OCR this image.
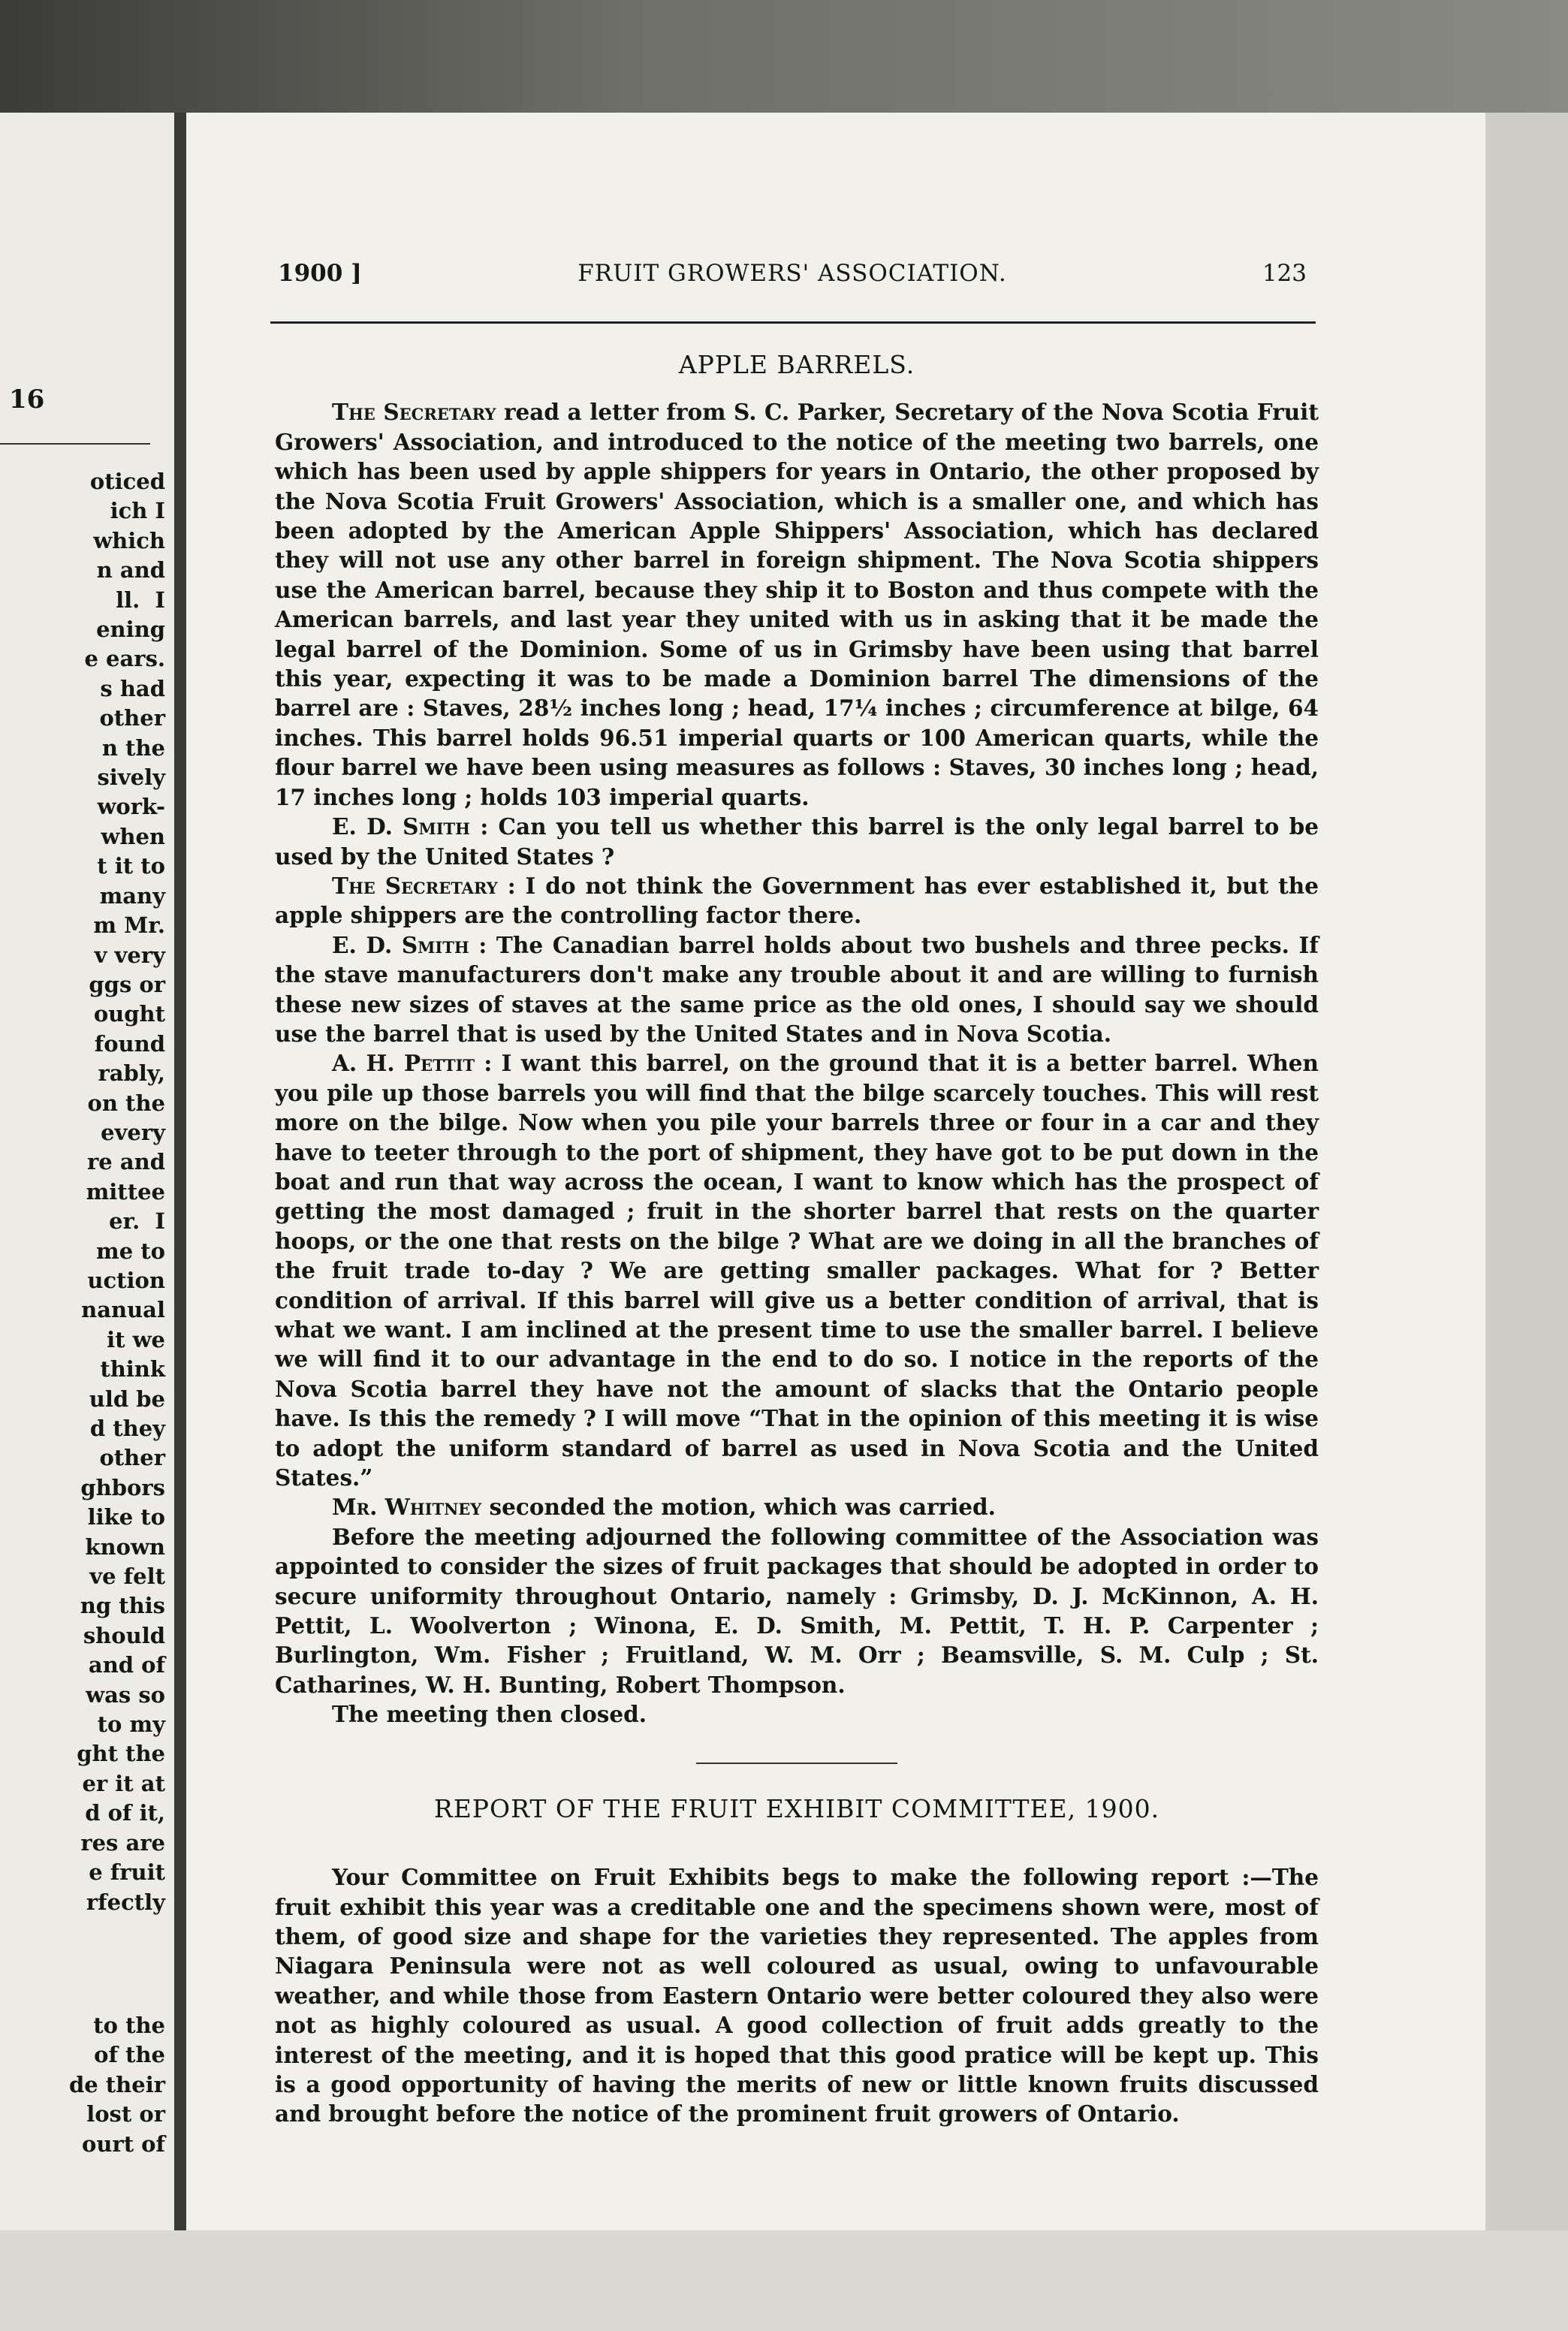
16
oticed
ich I
which
n and
ll.  I
ening
e ears.
s had
other
n the
sively
work-
when
t it to
many
m Mr.
v very
ggs or
ought
found
rably,
on the
every
re and
mittee
er.  I
me to
uction
nanual
it we
think
uld be
d they
other
ghbors
like to
known
ve felt
ng this
should
and of
was so
to my
ght the
er it at
d of it,
res are
e fruit
rfectly
to the
of the
de their
lost or
ourt of
1900 ]	FRUIT GROWERS' ASSOCIATION.	123
APPLE BARRELS.

The Secretary read a letter from S. C. Parker, Secretary of the Nova Scotia Fruit Growers' Association, and introduced to the notice of the meeting two barrels, one which has been used by apple shippers for years in Ontario, the other proposed by the Nova Scotia Fruit Growers' Association, which is a smaller one, and which has been adopted by the American Apple Shippers' Association, which has declared they will not use any other barrel in foreign shipment. The Nova Scotia shippers use the American barrel, because they ship it to Boston and thus compete with the American barrels, and last year they united with us in asking that it be made the legal barrel of the Dominion. Some of us in Grimsby have been using that barrel this year, expecting it was to be made a Dominion barrel The dimensions of the barrel are : Staves, 28½ inches long ; head, 17¼ inches ; circumference at bilge, 64 inches. This barrel holds 96.51 imperial quarts or 100 American quarts, while the flour barrel we have been using measures as follows : Staves, 30 inches long ; head, 17 inches long ; holds 103 imperial quarts.

E. D. Smith : Can you tell us whether this barrel is the only legal barrel to be used by the United States ?

The Secretary : I do not think the Government has ever established it, but the apple shippers are the controlling factor there.

E. D. Smith : The Canadian barrel holds about two bushels and three pecks. If the stave manufacturers don't make any trouble about it and are willing to furnish these new sizes of staves at the same price as the old ones, I should say we should use the barrel that is used by the United States and in Nova Scotia.

A. H. Pettit : I want this barrel, on the ground that it is a better barrel. When you pile up those barrels you will find that the bilge scarcely touches. This will rest more on the bilge. Now when you pile your barrels three or four in a car and they have to teeter through to the port of shipment, they have got to be put down in the boat and run that way across the ocean, I want to know which has the prospect of getting the most damaged ; fruit in the shorter barrel that rests on the quarter hoops, or the one that rests on the bilge ? What are we doing in all the branches of the fruit trade to-day ? We are getting smaller packages. What for ? Better condition of arrival. If this barrel will give us a better condition of arrival, that is what we want. I am inclined at the present time to use the smaller barrel. I believe we will find it to our advantage in the end to do so. I notice in the reports of the Nova Scotia barrel they have not the amount of slacks that the Ontario people have. Is this the remedy ? I will move “That in the opinion of this meeting it is wise to adopt the uniform standard of barrel as used in Nova Scotia and the United States.”

Mr. Whitney seconded the motion, which was carried.

Before the meeting adjourned the following committee of the Association was appointed to consider the sizes of fruit packages that should be adopted in order to secure uniformity throughout Ontario, namely : Grimsby, D. J. McKinnon, A. H. Pettit, L. Woolverton ; Winona, E. D. Smith, M. Pettit, T. H. P. Carpenter ; Burlington, Wm. Fisher ; Fruitland, W. M. Orr ; Beamsville, S. M. Culp ; St. Catharines, W. H. Bunting, Robert Thompson.

The meeting then closed.

REPORT OF THE FRUIT EXHIBIT COMMITTEE, 1900.

Your Committee on Fruit Exhibits begs to make the following report :—The fruit exhibit this year was a creditable one and the specimens shown were, most of them, of good size and shape for the varieties they represented. The apples from Niagara Peninsula were not as well coloured as usual, owing to unfavourable weather, and while those from Eastern Ontario were better coloured they also were not as highly coloured as usual. A good collection of fruit adds greatly to the interest of the meeting, and it is hoped that this good pratice will be kept up. This is a good opportunity of having the merits of new or little known fruits discussed and brought before the notice of the prominent fruit growers of Ontario.
